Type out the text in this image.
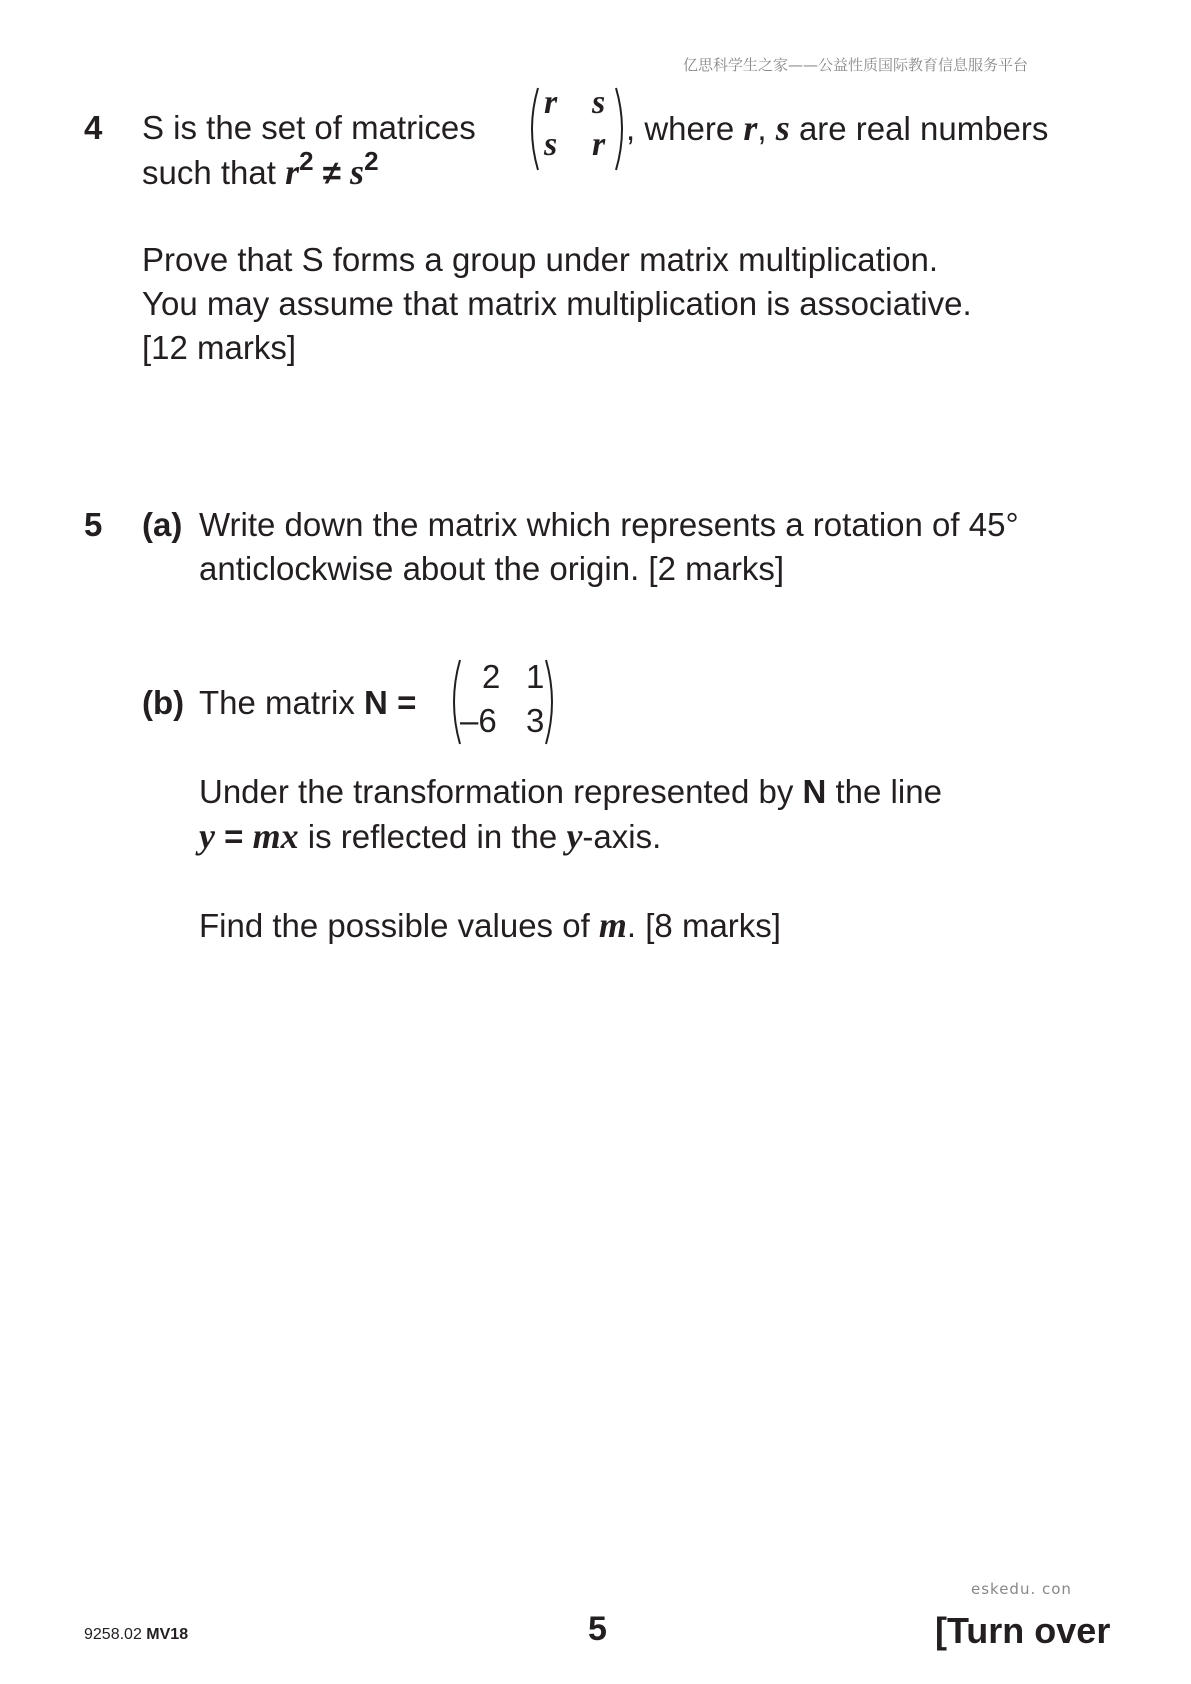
亿思科学生之家——公益性质国际教育信息服务平台
4 S is the set of matrices
r s
s r , where r, s are real numbers
such that $r^2 \ne s^2$
Prove that S forms a group under matrix multiplication.
You may assume that matrix multiplication is associative.
[12 marks]
5 (a) Write down the matrix which represents a rotation of 45°
anticlockwise about the origin. [2 marks]
(b) The matrix N =
2 1
–6 3
Under the transformation represented by N the line
y = mx is reflected in the y-axis.
Find the possible values of m. [8 marks]
eskedu. con
9258.02 MV18	5	[Turn over
